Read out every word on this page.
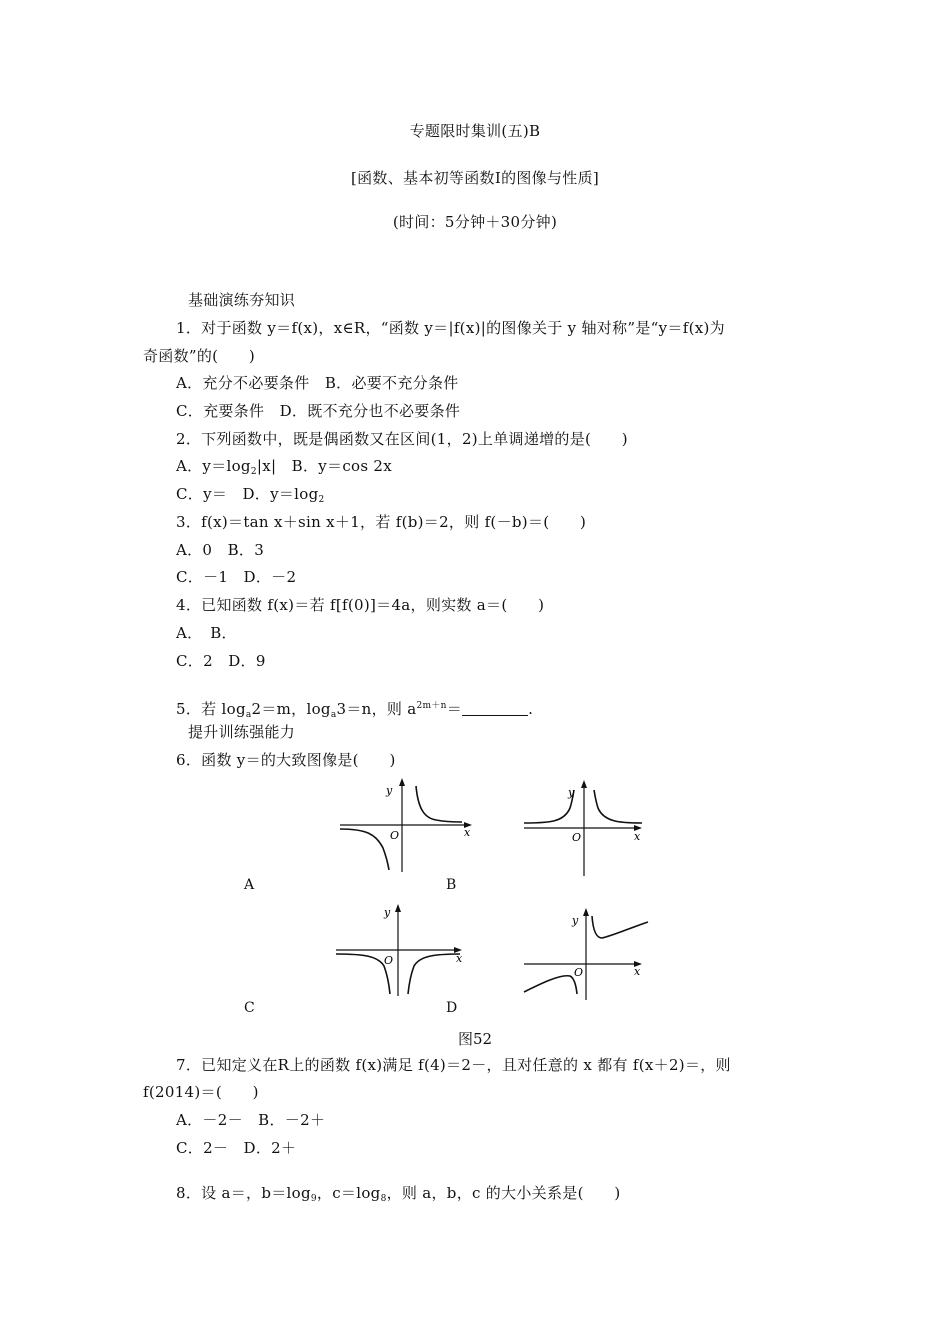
专题限时集训(五)B
[函数、基本初等函数Ⅰ的图像与性质]
(时间：5分钟＋30分钟)
基础演练夯知识
1．对于函数 y＝f(x)，x∈R，“函数 y＝|f(x)|的图像关于 y 轴对称”是“y＝f(x)为
奇函数”的(　　)
A．充分不必要条件　B．必要不充分条件
C．充要条件　D．既不充分也不必要条件
2．下列函数中，既是偶函数又在区间(1，2)上单调递增的是(　　)
A．$y=\log_2|x|$　B．y＝cos 2x
C．y＝　D．$y=\log_2$
3．f(x)＝tan x＋sin x＋1，若 f(b)＝2，则 f(－b)＝(　　)
A．0　B．3
C．－1　D．－2
4．已知函数 f(x)＝若 f[f(0)]＝4a，则实数 a＝(　　)
A．　B．
C．2　D．9
5．若 $\log_a2=m$，$\log_a3=n$，则 $a^{2m+n}=$	.
提升训练强能力
6．函数 y＝的大致图像是(　　)
y
x
O
y
x
O
A	B
y
x
O
y
x
O
C	D
图52
7．已知定义在R上的函数 f(x)满足 f(4)＝2－，且对任意的 x 都有 f(x＋2)＝，则
f(2014)＝(　　)
A．－2－　B．－2＋
C．2－　D．2＋
8．设 a＝，$b=\log_9$，$c=\log_8$，则 a，b，c 的大小关系是(　　)
